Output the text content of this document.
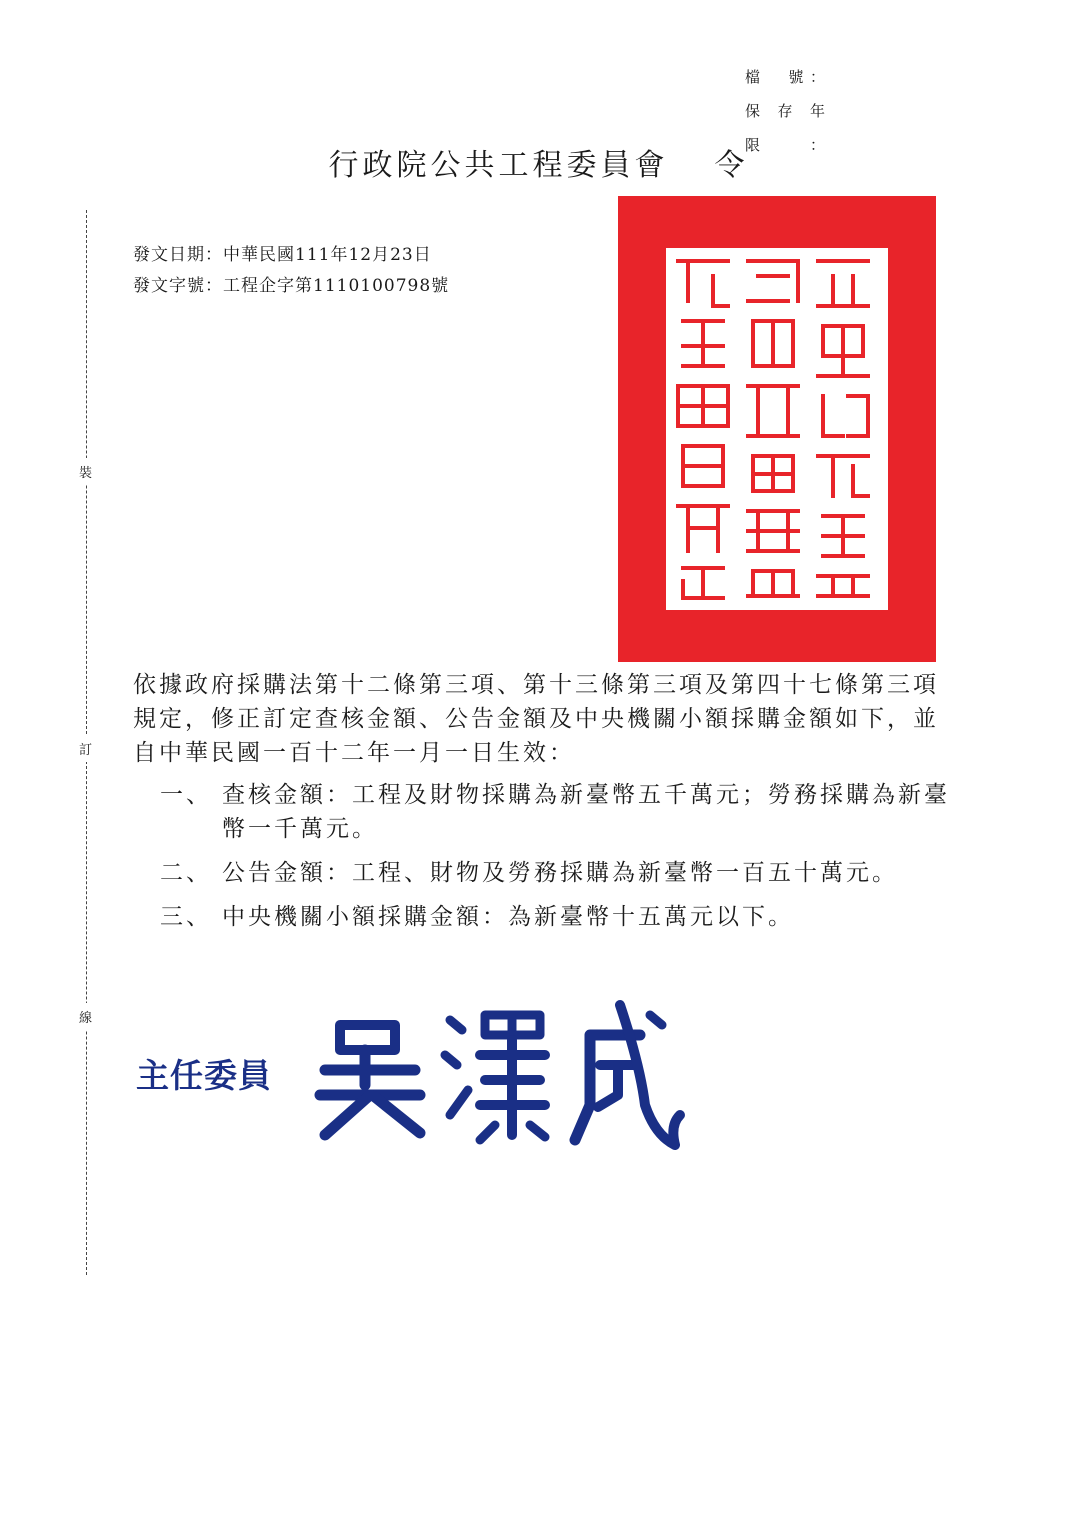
檔　號：
保存年限：
行政院公共工程委員會 令
裝
訂
線
發文日期：中華民國111年12月23日
發文字號：工程企字第1110100798號

依據政府採購法第十二條第三項、第十三條第三項及第四十七條第三項規定，修正訂定查核金額、公告金額及中央機關小額採購金額如下，並自中華民國一百十二年一月一日生效：

一、 查核金額：工程及財物採購為新臺幣五千萬元；勞務採購為新臺幣一千萬元。
二、 公告金額：工程、財物及勞務採購為新臺幣一百五十萬元。
三、 中央機關小額採購金額：為新臺幣十五萬元以下。
主任委員
